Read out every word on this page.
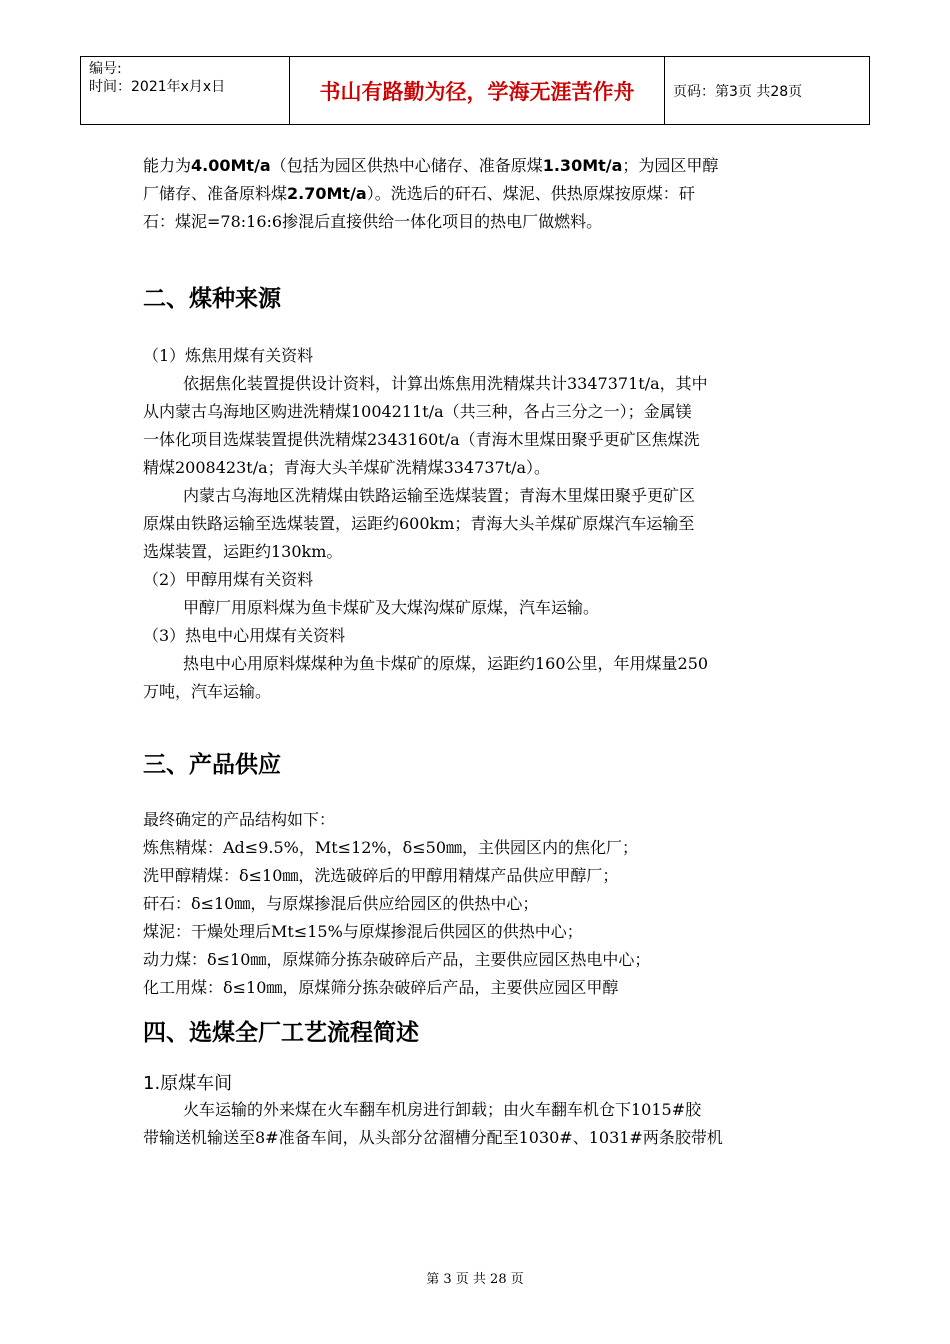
编号:
时间：2021年x月x日	书山有路勤为径，学海无涯苦作舟	页码：第3页 共28页

能力为4.00Mt/a（包括为园区供热中心储存、准备原煤1.30Mt/a；为园区甲醇

厂储存、准备原料煤2.70Mt/a）。洗选后的矸石、煤泥、供热原煤按原煤：矸

石：煤泥=78:16:6掺混后直接供给一体化项目的热电厂做燃料。

二、煤种来源

（1）炼焦用煤有关资料

依据焦化装置提供设计资料，计算出炼焦用洗精煤共计3347371t/a，其中

从内蒙古乌海地区购进洗精煤1004211t/a（共三种，各占三分之一）；金属镁

一体化项目选煤装置提供洗精煤2343160t/a（青海木里煤田聚乎更矿区焦煤洗

精煤2008423t/a；青海大头羊煤矿洗精煤334737t/a）。

内蒙古乌海地区洗精煤由铁路运输至选煤装置；青海木里煤田聚乎更矿区

原煤由铁路运输至选煤装置，运距约600km；青海大头羊煤矿原煤汽车运输至

选煤装置，运距约130km。

（2）甲醇用煤有关资料

甲醇厂用原料煤为鱼卡煤矿及大煤沟煤矿原煤，汽车运输。

（3）热电中心用煤有关资料

热电中心用原料煤煤种为鱼卡煤矿的原煤，运距约160公里，年用煤量250

万吨，汽车运输。

三、产品供应

最终确定的产品结构如下：

炼焦精煤：Ad≤9.5%，Mt≤12%，δ≤50㎜，主供园区内的焦化厂；

洗甲醇精煤：δ≤10㎜，洗选破碎后的甲醇用精煤产品供应甲醇厂；

矸石：δ≤10㎜，与原煤掺混后供应给园区的供热中心；

煤泥：干燥处理后Mt≤15%与原煤掺混后供园区的供热中心；

动力煤：δ≤10㎜，原煤筛分拣杂破碎后产品，主要供应园区热电中心；

化工用煤：δ≤10㎜，原煤筛分拣杂破碎后产品，主要供应园区甲醇

四、选煤全厂工艺流程简述

1.原煤车间

火车运输的外来煤在火车翻车机房进行卸载；由火车翻车机仓下1015#胶

带输送机输送至8#准备车间，从头部分岔溜槽分配至1030#、1031#两条胶带机

第 3 页 共 28 页
